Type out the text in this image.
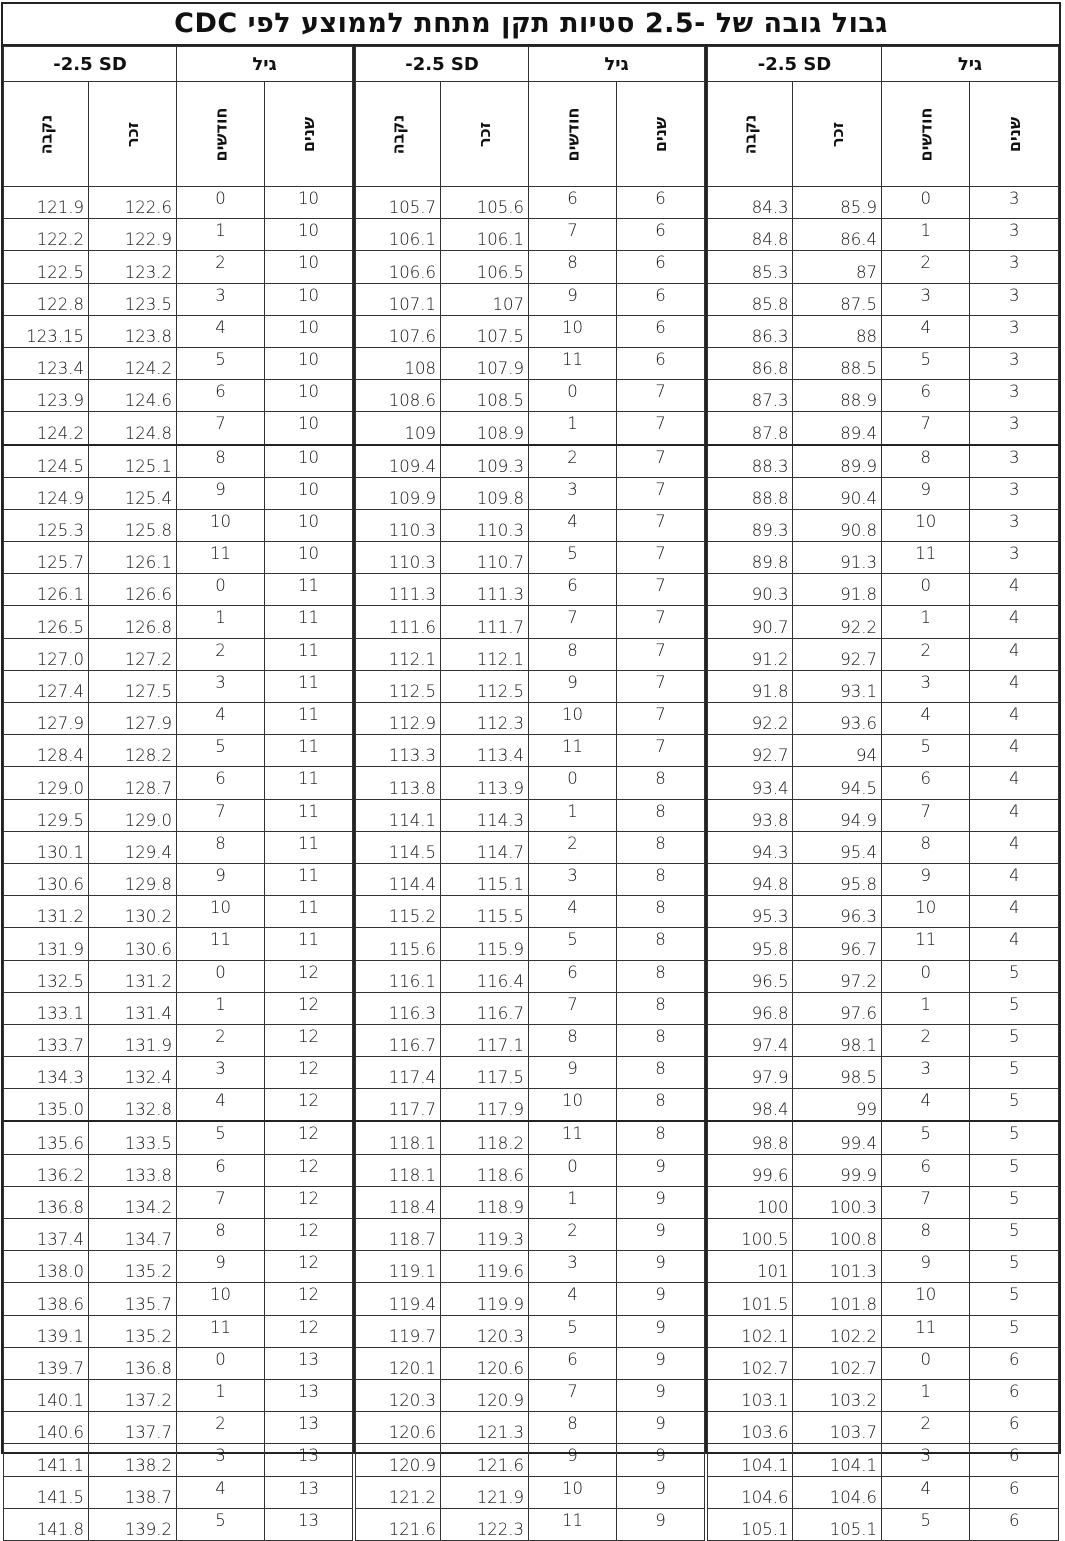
גבול גובה של -2.5 סטיות תקן מתחת לממוצע לפי CDC
-2.5 SD		גיל	
נקבה	זכר	חודשים	שנים
121.9	122.6	0	10
122.2	122.9	1	10
122.5	123.2	2	10
122.8	123.5	3	10
123.15	123.8	4	10
123.4	124.2	5	10
123.9	124.6	6	10
124.2	124.8	7	10
124.5	125.1	8	10
124.9	125.4	9	10
125.3	125.8	10	10
125.7	126.1	11	10
126.1	126.6	0	11
126.5	126.8	1	11
127.0	127.2	2	11
127.4	127.5	3	11
127.9	127.9	4	11
128.4	128.2	5	11
129.0	128.7	6	11
129.5	129.0	7	11
130.1	129.4	8	11
130.6	129.8	9	11
131.2	130.2	10	11
131.9	130.6	11	11
132.5	131.2	0	12
133.1	131.4	1	12
133.7	131.9	2	12
134.3	132.4	3	12
135.0	132.8	4	12
135.6	133.5	5	12
136.2	133.8	6	12
136.8	134.2	7	12
137.4	134.7	8	12
138.0	135.2	9	12
138.6	135.7	10	12
139.1	135.2	11	12
139.7	136.8	0	13
140.1	137.2	1	13
140.6	137.7	2	13
141.1	138.2	3	13
141.5	138.7	4	13
141.8	139.2	5	13
-2.5 SD		גיל	
נקבה	זכר	חודשים	שנים
105.7	105.6	6	6
106.1	106.1	7	6
106.6	106.5	8	6
107.1	107	9	6
107.6	107.5	10	6
108	107.9	11	6
108.6	108.5	0	7
109	108.9	1	7
109.4	109.3	2	7
109.9	109.8	3	7
110.3	110.3	4	7
110.3	110.7	5	7
111.3	111.3	6	7
111.6	111.7	7	7
112.1	112.1	8	7
112.5	112.5	9	7
112.9	112.3	10	7
113.3	113.4	11	7
113.8	113.9	0	8
114.1	114.3	1	8
114.5	114.7	2	8
114.4	115.1	3	8
115.2	115.5	4	8
115.6	115.9	5	8
116.1	116.4	6	8
116.3	116.7	7	8
116.7	117.1	8	8
117.4	117.5	9	8
117.7	117.9	10	8
118.1	118.2	11	8
118.1	118.6	0	9
118.4	118.9	1	9
118.7	119.3	2	9
119.1	119.6	3	9
119.4	119.9	4	9
119.7	120.3	5	9
120.1	120.6	6	9
120.3	120.9	7	9
120.6	121.3	8	9
120.9	121.6	9	9
121.2	121.9	10	9
121.6	122.3	11	9
-2.5 SD		גיל	
נקבה	זכר	חודשים	שנים
84.3	85.9	0	3
84.8	86.4	1	3
85.3	87	2	3
85.8	87.5	3	3
86.3	88	4	3
86.8	88.5	5	3
87.3	88.9	6	3
87.8	89.4	7	3
88.3	89.9	8	3
88.8	90.4	9	3
89.3	90.8	10	3
89.8	91.3	11	3
90.3	91.8	0	4
90.7	92.2	1	4
91.2	92.7	2	4
91.8	93.1	3	4
92.2	93.6	4	4
92.7	94	5	4
93.4	94.5	6	4
93.8	94.9	7	4
94.3	95.4	8	4
94.8	95.8	9	4
95.3	96.3	10	4
95.8	96.7	11	4
96.5	97.2	0	5
96.8	97.6	1	5
97.4	98.1	2	5
97.9	98.5	3	5
98.4	99	4	5
98.8	99.4	5	5
99.6	99.9	6	5
100	100.3	7	5
100.5	100.8	8	5
101	101.3	9	5
101.5	101.8	10	5
102.1	102.2	11	5
102.7	102.7	0	6
103.1	103.2	1	6
103.6	103.7	2	6
104.1	104.1	3	6
104.6	104.6	4	6
105.1	105.1	5	6
